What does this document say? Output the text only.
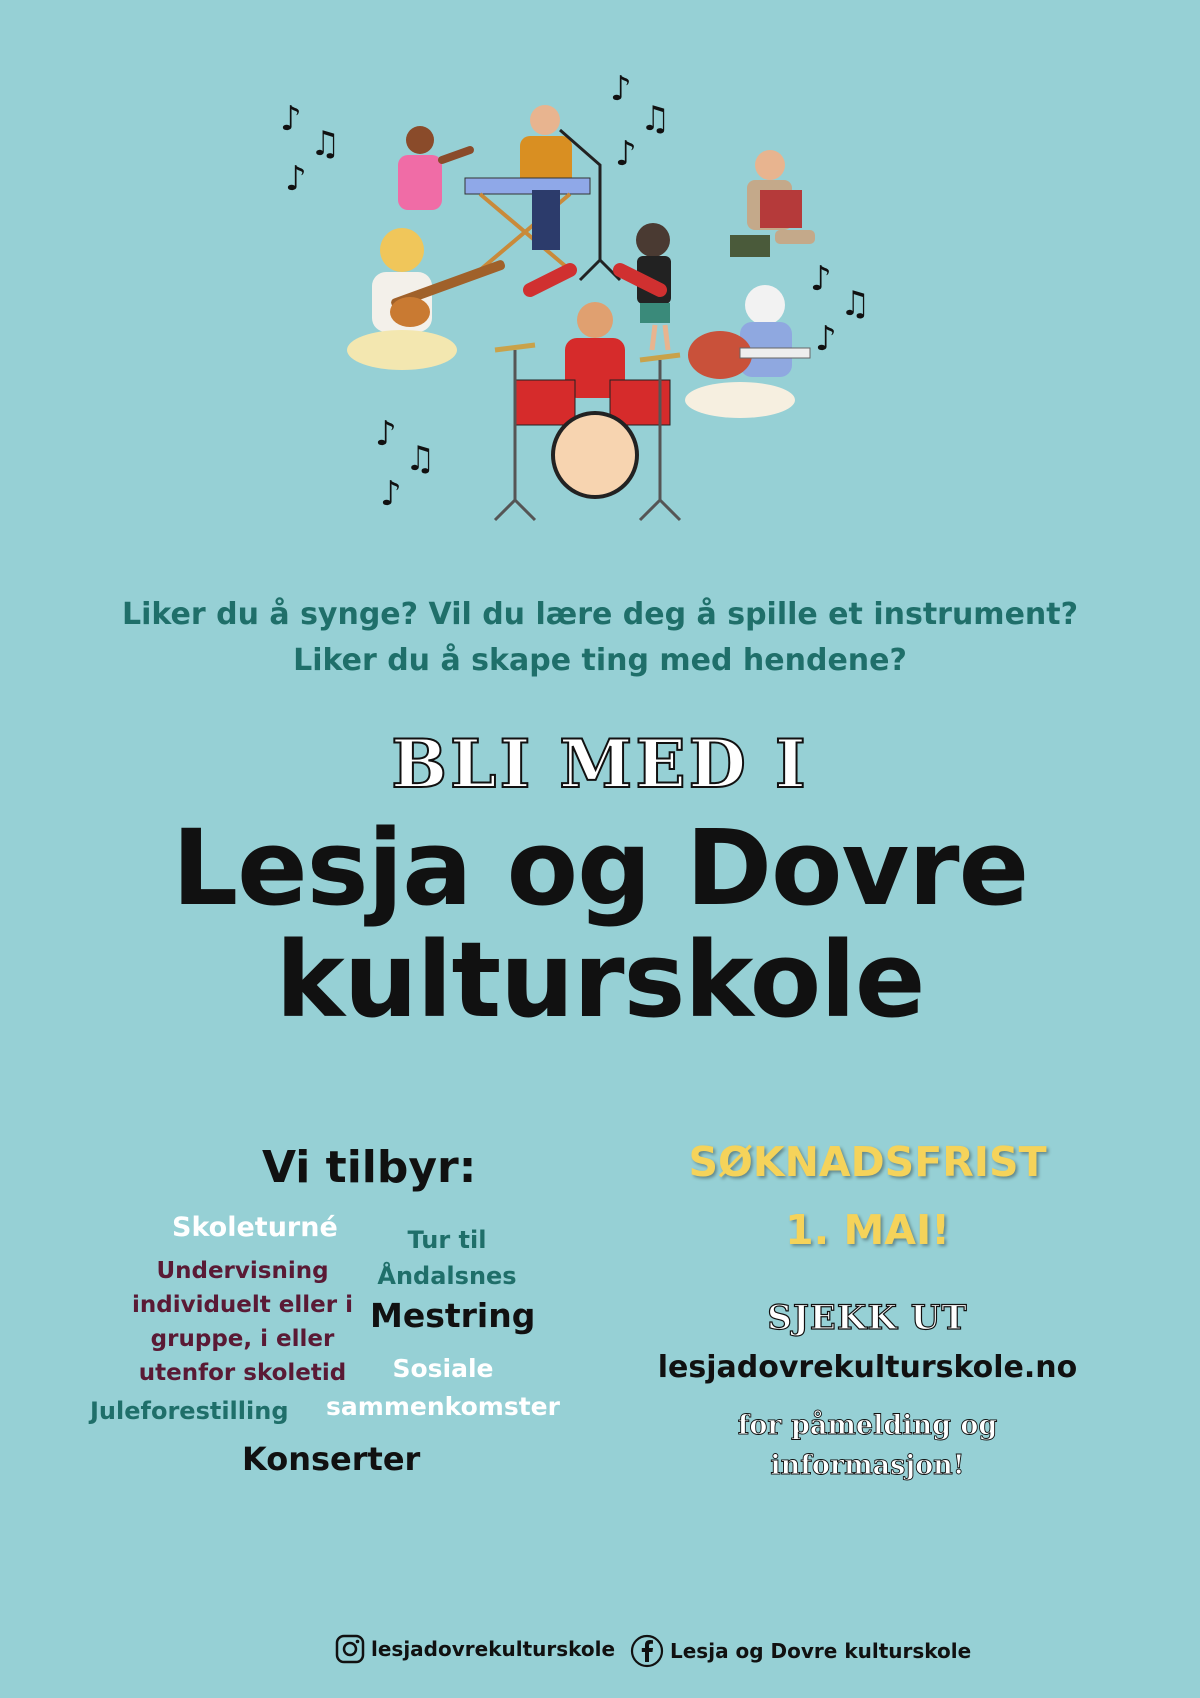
♪
♫
♪
♪
♫
♪
♪
♫
♪
♪
♫
♪
Liker du å synge? Vil du lære deg å spille et instrument?
Liker du å skape ting med hendene?
BLI MED I
Lesja og Dovre
kulturskole
Vi tilbyr:
Skoleturné	Tur til
Åndalsnes
Undervisning
individuelt eller i
gruppe, i eller
utenfor skoletid
Mestring
Sosiale
sammenkomster
Juleforestilling
Konserter
SØKNADSFRIST
1. MAI!
SJEKK UT
lesjadovrekulturskole.no
for påmelding og
informasjon!
lesjadovrekulturskole	Lesja og Dovre kulturskole
